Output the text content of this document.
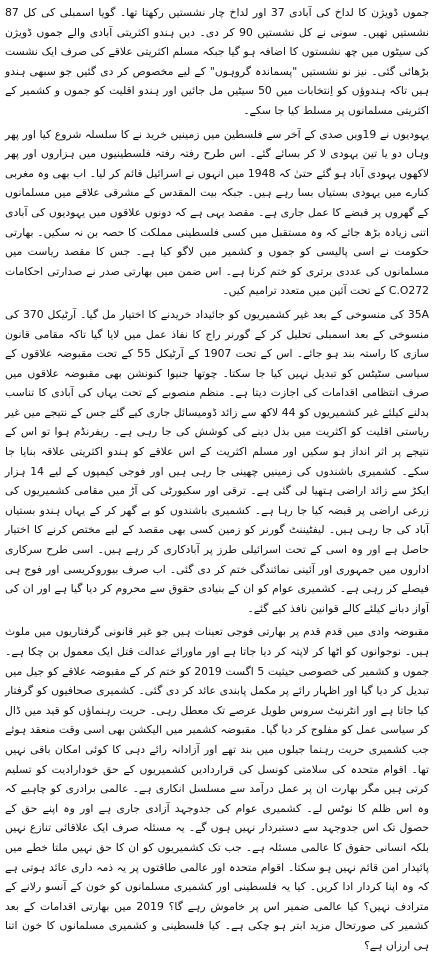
جموں ڈویژن کا لداخ کی آبادی 37 اور لداخ چار نشستیں رکھتا تھا۔ گویا اسمبلی کی کل 87 نشستیں تھیں۔ سونی نے کل نشستیں 90 کر دی۔ دیں ہندو اکثریتی آبادی والے جموں ڈویژن کی سیٹوں میں چھ نشستوں کا اضافہ ہو گیا جبکہ مسلم اکثریتی علاقے کی صرف ایک نشست بڑھائی گئی۔ نیز نو نشستیں "پسماندہ گروہوں" کے لیے مخصوص کر دی گئیں جو سبھی ہندو ہیں تاکہ ہندوؤں کو اِنتخابات میں 50 سیٹیں مل جائیں اور ہندو اقلیت کو جموں و کشمیر کے اکثریتی مسلمانوں پر مسلط کیا جا سکے۔

یہودیوں نے 19ویں صدی کے آخر سے فلسطین میں زمینیں خرید نے کا سلسلہ شروع کیا اور پھر وہاں دو یا تین یہودی لا کر بسائے گئے۔ اس طرح رفتہ رفتہ فلسطینیوں میں ہزاروں اور پھر لاکھوں یہودی آباد ہو گئے حتیٰ کہ 1948 میں انہوں نے اسرائیل قائم کر لیا۔ اب بھی وہ مغربی کنارے میں یہودی بستیاں بسا رہے ہیں۔ جبکہ بیت المقدس کے مشرقی علاقے میں مسلمانوں کے گھروں پر قبضے کا عمل جاری ہے۔ مقصد یہی ہے کہ دونوں علاقوں میں یہودیوں کی آبادی اتنی زیادہ بڑھ جائے کہ وہ مستقبل میں کسی فلسطینی مملکت کا حصہ بن نہ سکیں۔ بھارتی حکومت نے اسی پالیسی کو جموں و کشمیر میں لاگو کیا ہے۔ جس کا مقصد ریاست میں مسلمانوں کی عددی برتری کو ختم کرنا ہے۔ اس ضمن میں بھارتی صدر نے صدارتی احکامات C.O272 کے تحت آئین میں متعدد ترامیم کیں۔

35A کی منسوخی کے بعد غیر کشمیریوں کو جائیداد خریدنے کا اختیار مل گیا۔ آرٹیکل 370 کی منسوخی کے بعد اسمبلی تحلیل کر کے گورنر راج کا نفاذ عمل میں لایا گیا تاکہ مقامی قانون سازی کا راستہ بند ہو جائے۔ اس کے تحت 1907 کے آرٹیکل 55 کے تحت مقبوضہ علاقوں کے سیاسی سٹیٹس کو تبدیل نہیں کیا جا سکتا۔ چوتھا جنیوا کنونشن بھی مقبوضہ علاقوں میں صرف انتظامی اقدامات کی اجازت دیتا ہے۔ منظم منصوبے کے تحت یہاں کی آبادی کا تناسب بدلنے کیلئے غیر کشمیریوں کو 44 لاکھ سے زائد ڈومیسائل جاری کیے گئے جس کے نتیجے میں غیر ریاستی اقلیت کو اکثریت میں بدل دینے کی کوشش کی جا رہی ہے۔ ریفرنڈم ہوا تو اس کے نتیجے پر اثر انداز ہو سکیں اور مسلم اکثریت کے اس علاقے کو ہندو اکثریتی علاقہ بنایا جا سکے۔ کشمیری باشندوں کی زمینیں چھینی جا رہی ہیں اور فوجی کیمپوں کے لیے 14 ہزار ایکڑ سے زائد اراضی ہتھیا لی گئی ہے۔ ترقی اور سکیورٹی کی آڑ میں مقامی کشمیریوں کی زرعی اراضی پر قبضہ کیا جا رہا ہے۔ کشمیری باشندوں کو بے گھر کر کے یہاں ہندو بستیاں آباد کی جا رہی ہیں۔ لیفٹیننٹ گورنر کو زمین کسی بھی مقصد کے لیے مختص کرنے کا اختیار حاصل ہے اور وہ اسی کے تحت اسرائیلی طرز پر آبادکاری کر رہے ہیں۔ اسی طرح سرکاری اداروں میں جمہوری اور آئینی نمائندگی ختم کر دی گئی۔ اب صرف بیوروکریسی اور فوج ہی فیصلے کر رہی ہے۔ کشمیری عوام کو ان کے بنیادی حقوق سے محروم کر دیا گیا ہے اور ان کی آواز دبانے کیلئے کالے قوانین نافذ کیے گئے۔

مقبوضہ وادی میں قدم قدم پر بھارتی فوجی تعینات ہیں جو غیر قانونی گرفتاریوں میں ملوث ہیں۔ نوجوانوں کو اٹھا کر لاپتہ کر دیا جاتا ہے اور ماورائے عدالت قتل ایک معمول بن چکا ہے۔ جموں و کشمیر کی خصوصی حیثیت 5 اگست 2019 کو ختم کر کے مقبوضہ علاقے کو جیل میں تبدیل کر دیا گیا اور اظہار رائے پر مکمل پابندی عائد کر دی گئی۔ کشمیری صحافیوں کو گرفتار کیا جاتا ہے اور انٹرنیٹ سروس طویل عرصے تک معطل رہی۔ حریت رہنماؤں کو قید میں ڈال کر سیاسی عمل کو مفلوج کر دیا گیا۔ مقبوضہ کشمیر میں الیکشن بھی اسی وقت منعقد ہوئے جب کشمیری حریت رہنما جیلوں میں بند تھے اور آزادانہ رائے دہی کا کوئی امکان باقی نہیں تھا۔ اقوام متحدہ کی سلامتی کونسل کی قراردادیں کشمیریوں کے حق خودارادیت کو تسلیم کرتی ہیں مگر بھارت ان پر عمل درآمد سے مسلسل انکاری ہے۔ عالمی برادری کو چاہیے کہ وہ اس ظلم کا نوٹس لے۔ کشمیری عوام کی جدوجہد آزادی جاری ہے اور وہ اپنے حق کے حصول تک اس جدوجہد سے دستبردار نہیں ہوں گے۔ یہ مسئلہ صرف ایک علاقائی تنازع نہیں بلکہ انسانی حقوق کا عالمی مسئلہ ہے۔ جب تک کشمیریوں کو ان کا حق نہیں ملتا خطے میں پائیدار امن قائم نہیں ہو سکتا۔ اقوام متحدہ اور عالمی طاقتوں پر یہ ذمہ داری عائد ہوتی ہے کہ وہ اپنا کردار ادا کریں۔ کیا یہ فلسطینی اور کشمیری مسلمانوں کو خون کے آنسو رلانے کے مترادف نہیں؟ کیا عالمی ضمیر اس پر خاموش رہے گا؟ 2019 میں بھارتی اقدامات کے بعد کشمیر کی صورتحال مزید ابتر ہو چکی ہے۔ کیا فلسطینی و کشمیری مسلمانوں کا خون اتنا ہی ارزاں ہے؟
